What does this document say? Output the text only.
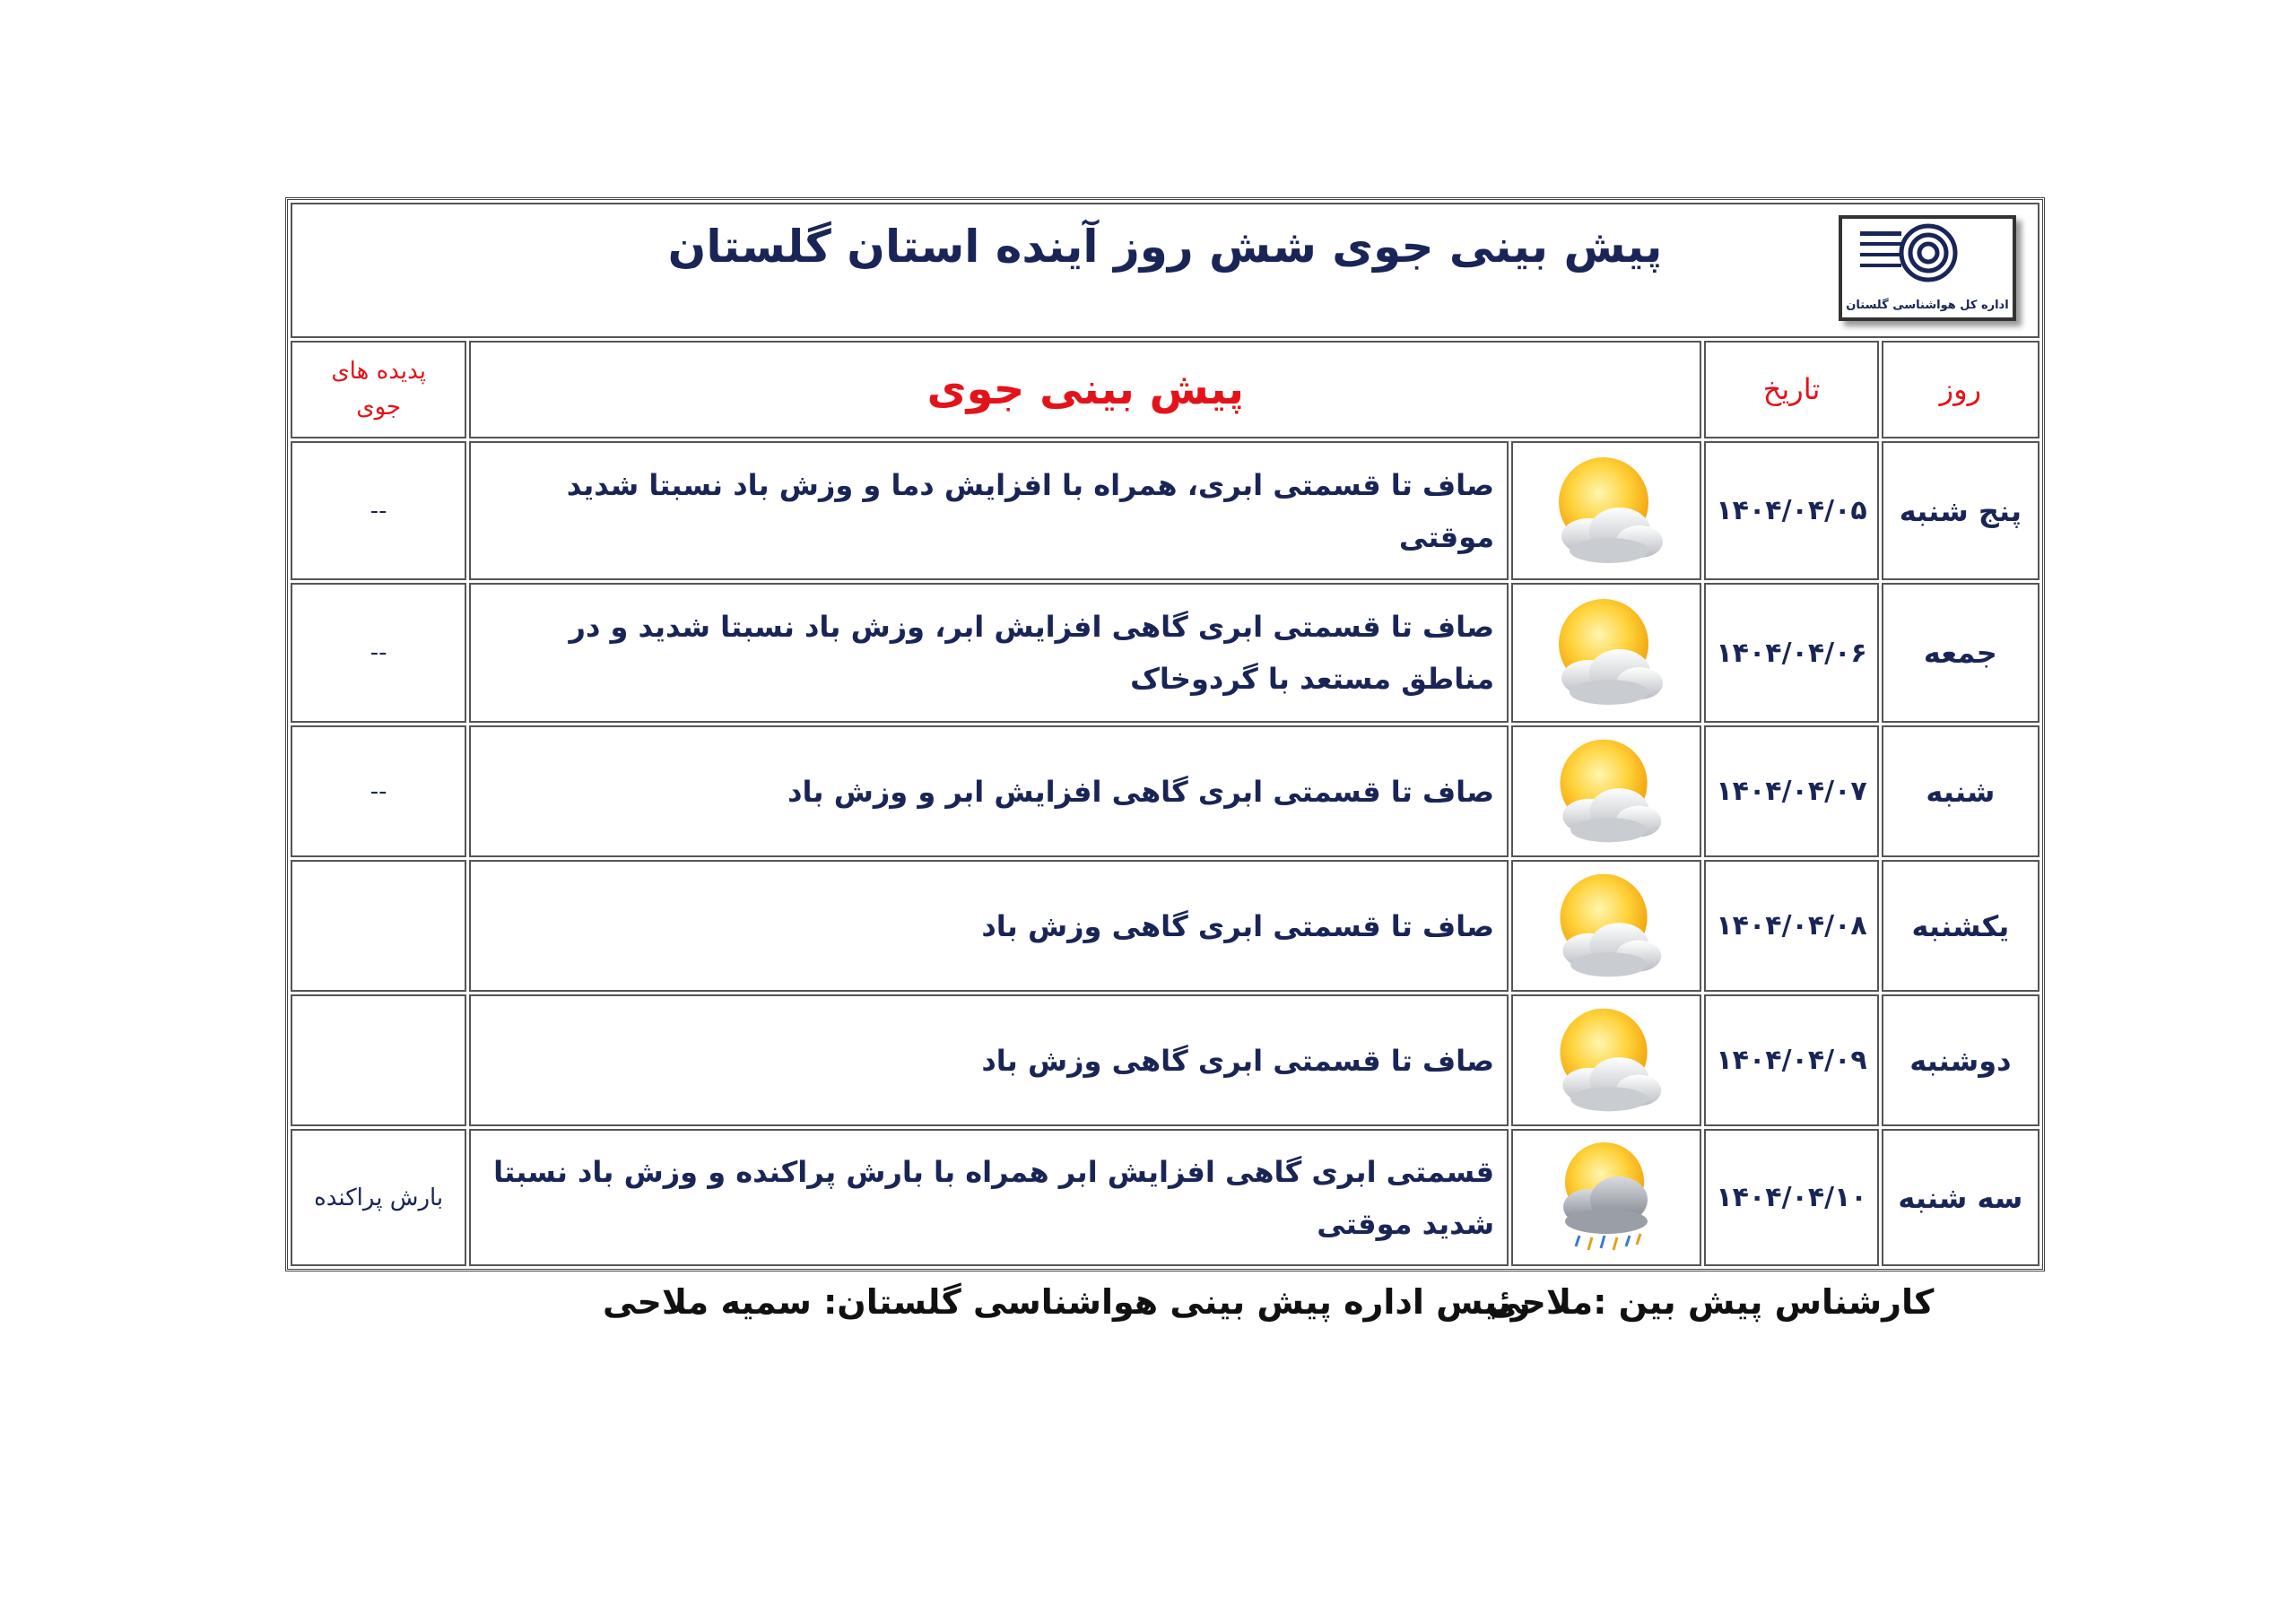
پیش بینی جوی شش روز آینده استان گلستان
اداره کل هواشناسی گلستان				

پدیده های جوی	پیش بینی جوی		تاریخ	روز
--	صاف تا قسمتی ابری، همراه با افزایش دما و وزش باد نسبتا شدید موقتی		۱۴۰۴/۰۴/۰۵	پنج شنبه
--	صاف تا قسمتی ابری گاهی افزایش ابر، وزش باد نسبتا شدید و در مناطق مستعد با گردوخاک		۱۴۰۴/۰۴/۰۶	جمعه
--	صاف تا قسمتی ابری گاهی افزایش ابر و وزش باد		۱۴۰۴/۰۴/۰۷	شنبه
	صاف تا قسمتی ابری گاهی وزش باد		۱۴۰۴/۰۴/۰۸	یکشنبه
	صاف تا قسمتی ابری گاهی وزش باد		۱۴۰۴/۰۴/۰۹	دوشنبه
بارش پراکنده	قسمتی ابری گاهی افزایش ابر همراه با بارش پراکنده و وزش باد نسبتا شدید موقتی		۱۴۰۴/۰۴/۱۰	سه شنبه
کارشناس پیش بین :ملاحی
رئیس اداره پیش بینی هواشناسی گلستان: سمیه ملاحی
